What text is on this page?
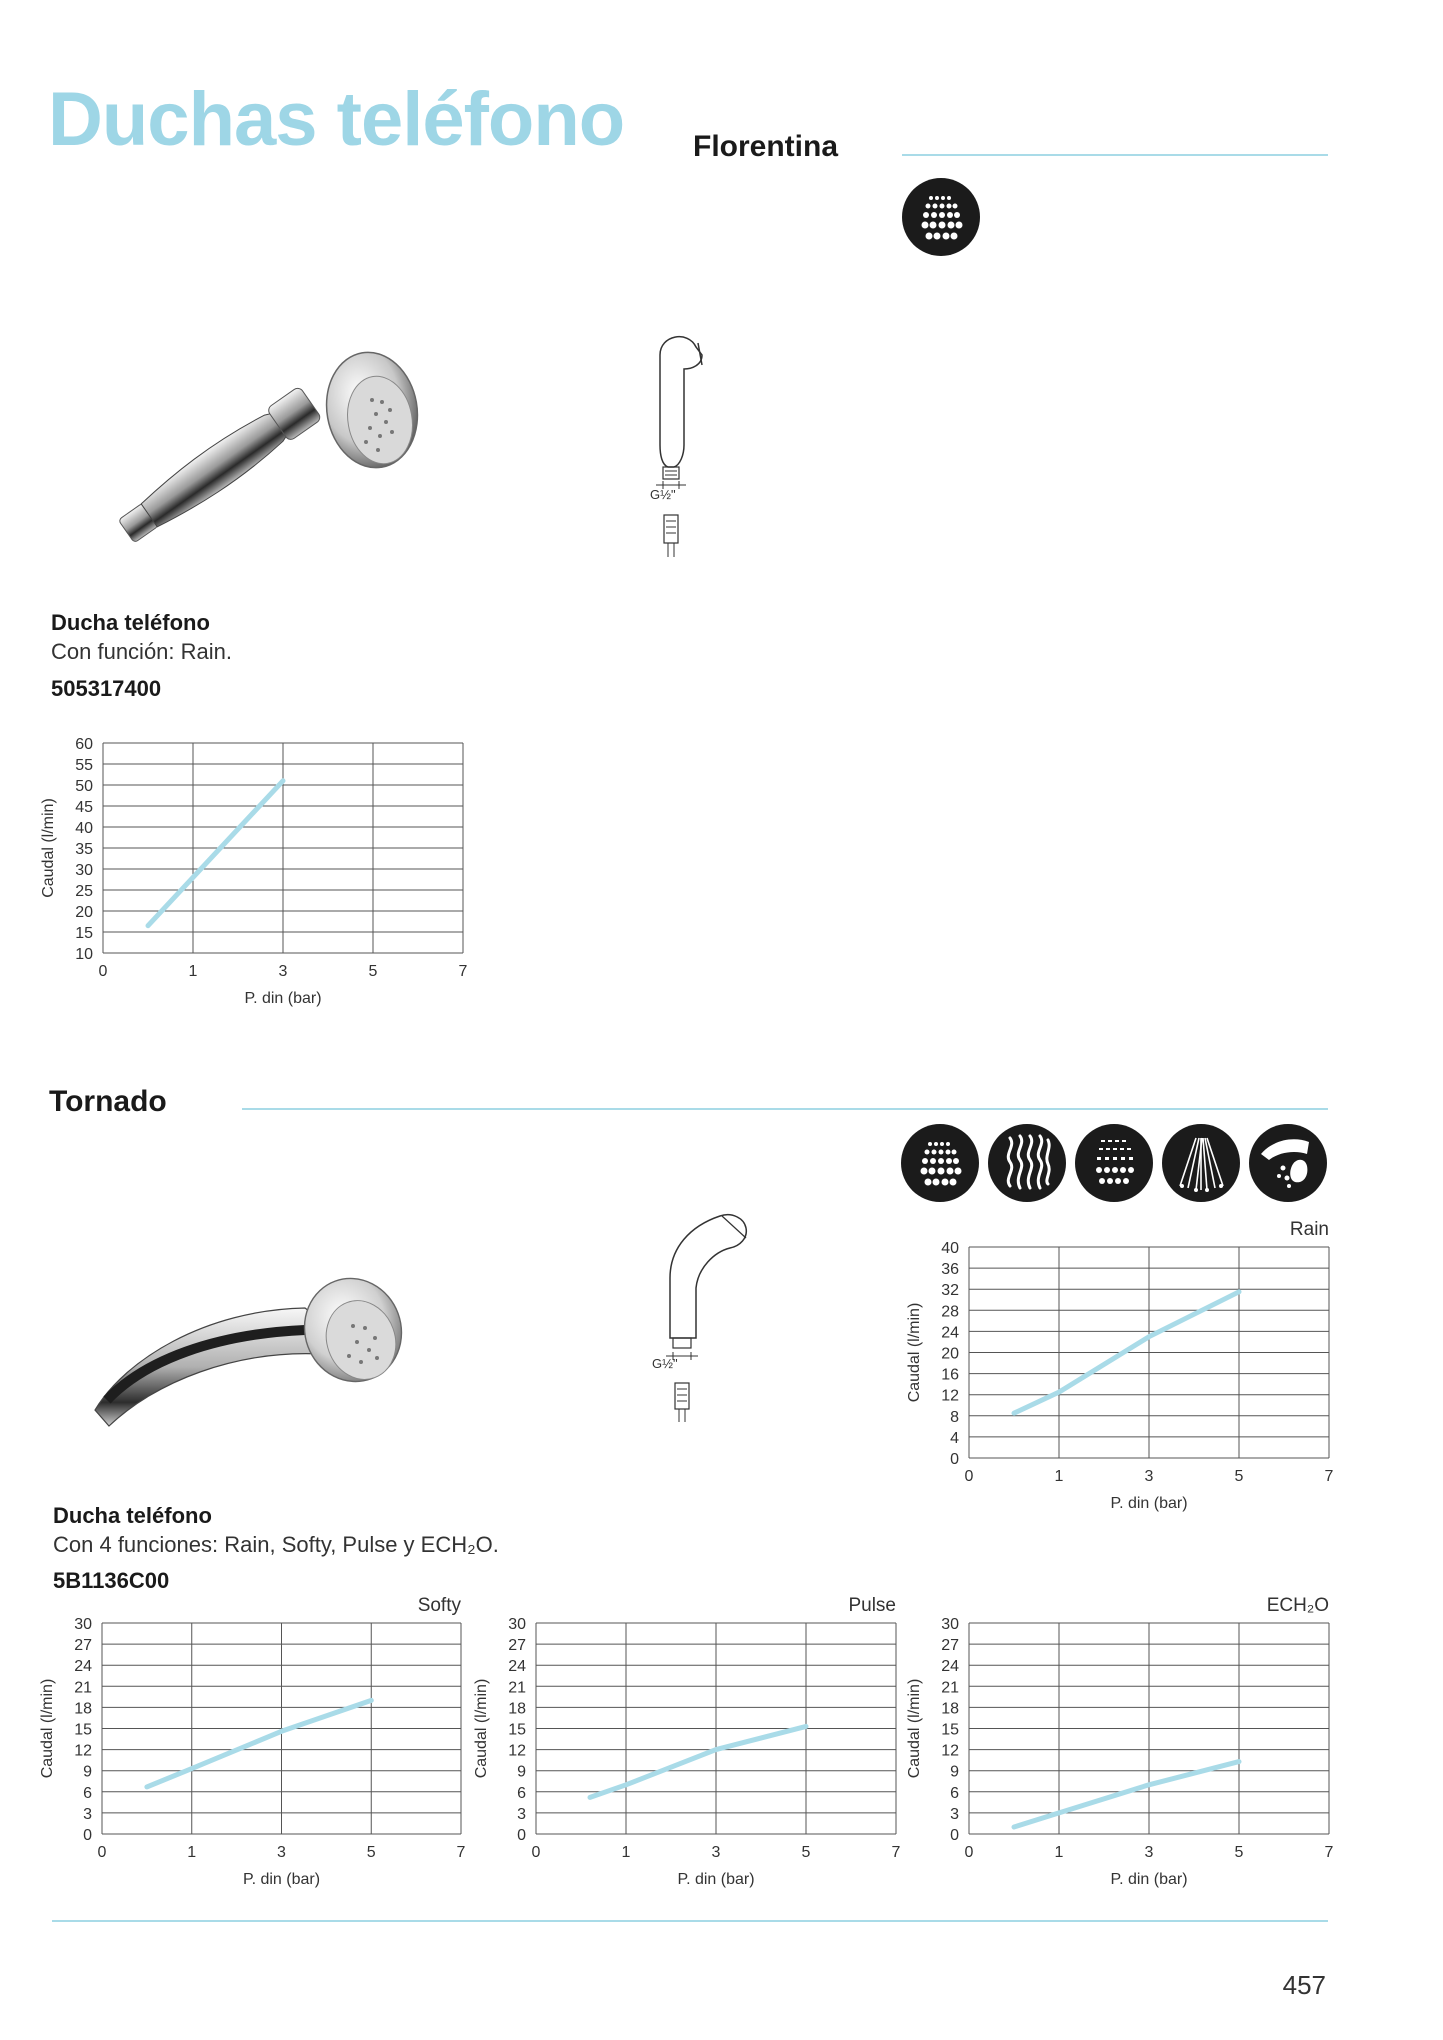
Duchas teléfono Florentina
G½"
Ducha teléfono
Con función: Rain.
505317400
10
15
20
25
30
35
40
45
50
55
60
0	1	3	5	7
P. din (bar)
Caudal (l/min)
Tornado
G½"
Ducha teléfono
Con 4 funciones: Rain, Softy, Pulse y ECH₂O.
5B1136C00
0
4
8
12
16
20
24
28
32
36
40
0	1	3	5	7
P. din (bar)
Caudal (l/min)
Rain
0
3
6
9
12
15
18
21
24
27
30
0	1	3	5	7
P. din (bar)
Caudal (l/min)
Softy
0
3
6
9
12
15
18
21
24
27
30
0	1	3	5	7
P. din (bar)
Caudal (l/min)
Pulse
0
3
6
9
12
15
18
21
24
27
30
0	1	3	5	7
P. din (bar)
Caudal (l/min)
ECH₂O
457
